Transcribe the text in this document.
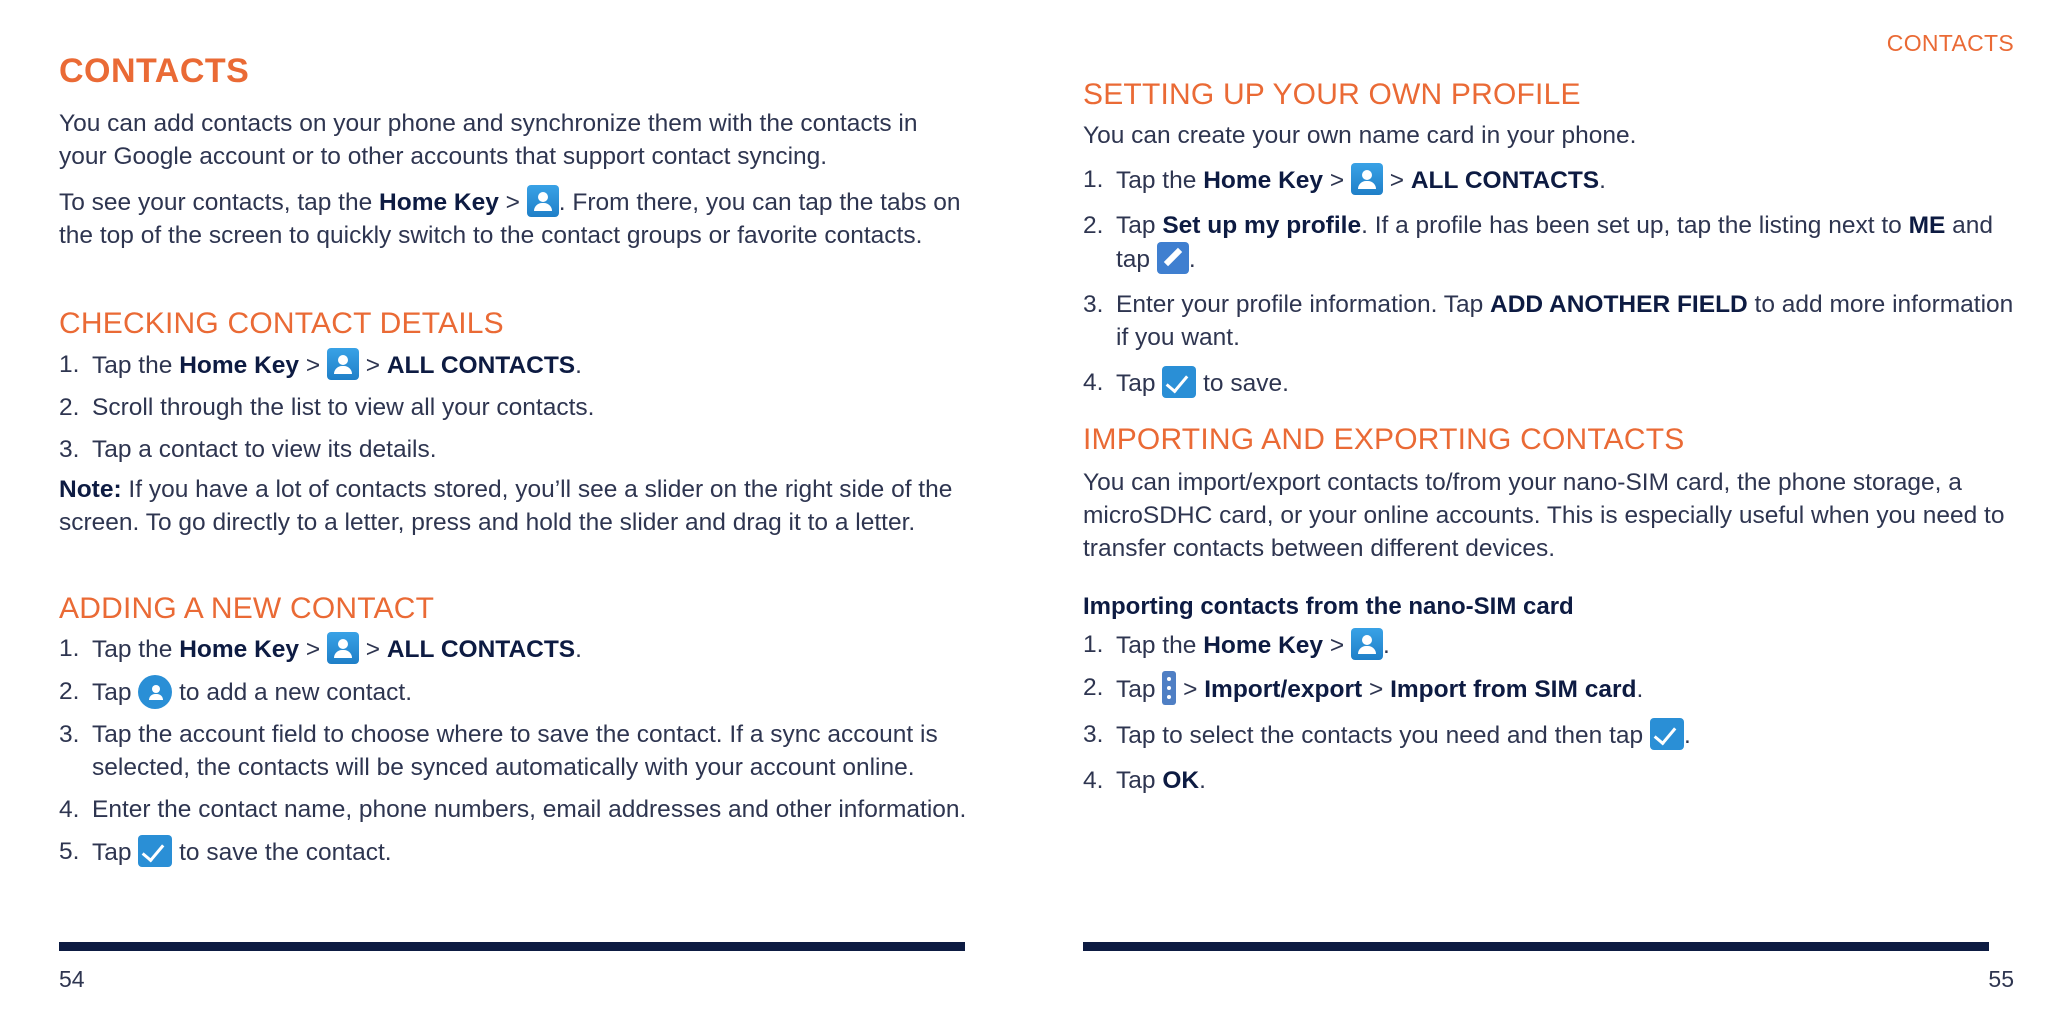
CONTACTS

You can add contacts on your phone and synchronize them with the contacts in your Google account or to other accounts that support contact syncing.

To see your contacts, tap the Home Key > . From there, you can tap the tabs on the top of the screen to quickly switch to the contact groups or favorite contacts.

CHECKING CONTACT DETAILS
1. Tap the Home Key >  > ALL CONTACTS.
2. Scroll through the list to view all your contacts.
3. Tap a contact to view its details.

Note: If you have a lot of contacts stored, you’ll see a slider on the right side of the screen. To go directly to a letter, press and hold the slider and drag it to a letter.

ADDING A NEW CONTACT
1. Tap the Home Key >  > ALL CONTACTS.
2. Tap  to add a new contact.
3. Tap the account field to choose where to save the contact. If a sync account is selected, the contacts will be synced automatically with your account online.
4. Enter the contact name, phone numbers, email addresses and other information.
5. Tap  to save the contact.
54
CONTACTS
SETTING UP YOUR OWN PROFILE

You can create your own name card in your phone.

1. Tap the Home Key >  > ALL CONTACTS.
2. Tap Set up my profile. If a profile has been set up, tap the listing next to ME and tap .
3. Enter your profile information. Tap ADD ANOTHER FIELD to add more information if you want.
4. Tap  to save.
IMPORTING AND EXPORTING CONTACTS

You can import/export contacts to/from your nano-SIM card, the phone storage, a microSDHC card, or your online accounts. This is especially useful when you need to transfer contacts between different devices.

Importing contacts from the nano-SIM card
1. Tap the Home Key > .
2. Tap  > Import/export > Import from SIM card.
3. Tap to select the contacts you need and then tap .
4. Tap OK.
55
